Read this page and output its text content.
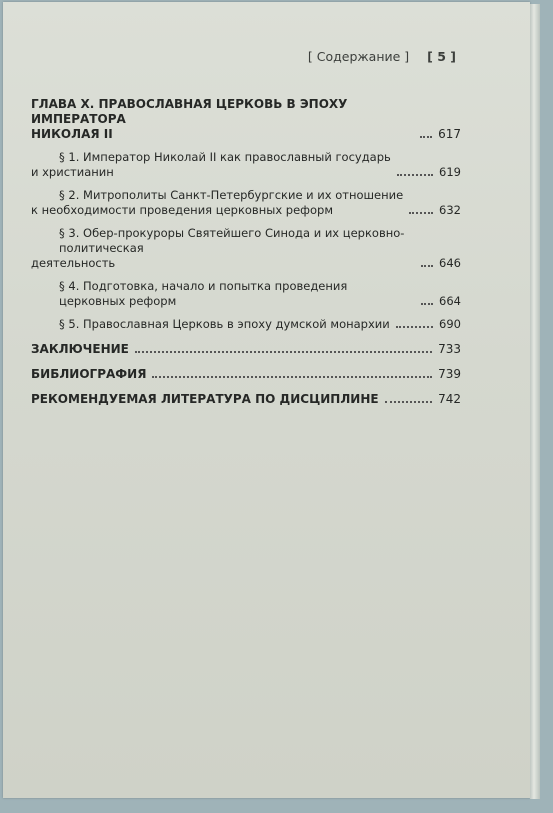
[ Содержание ] [ 5 ]
ГЛАВА X. ПРАВОСЛАВНАЯ ЦЕРКОВЬ В ЭПОХУ ИМПЕРАТОРА
НИКОЛАЯ II	617
§ 1. Император Николай II как православный государь
и христианин	619
§ 2. Митрополиты Санкт-Петербургские и их отношение
к необходимости проведения церковных реформ	632
§ 3. Обер-прокуроры Святейшего Синода и их церковно-политическая
деятельность	646
§ 4. Подготовка, начало и попытка проведения церковных реформ	664
§ 5. Православная Церковь в эпоху думской монархии	690
ЗАКЛЮЧЕНИЕ	733
БИБЛИОГРАФИЯ	739
РЕКОМЕНДУЕМАЯ ЛИТЕРАТУРА ПО ДИСЦИПЛИНЕ	742
